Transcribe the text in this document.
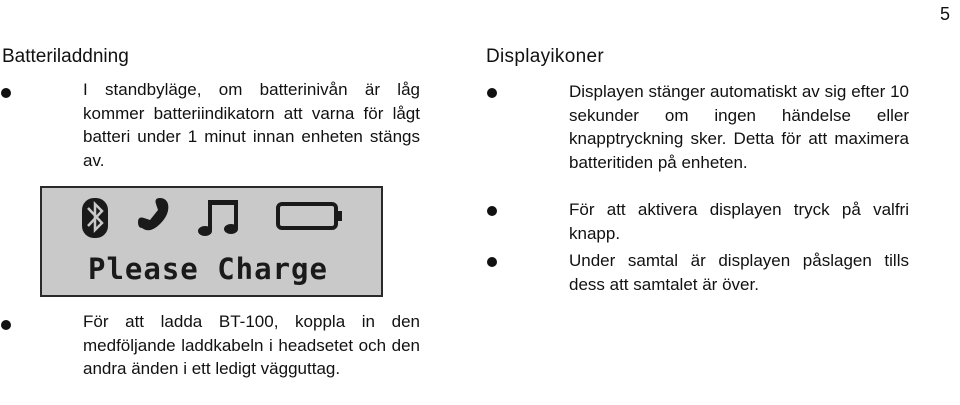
5
Batteriladdning
I standbyläge, om batterinivån är låg kommer batteriindikatorn att varna för lågt batteri under 1 minut innan enheten stängs av.
Please Charge
För att ladda BT-100, koppla in den medföljande laddkabeln i headsetet och den andra änden i ett ledigt vägguttag.
Displayikoner
Displayen stänger automatiskt av sig efter 10 sekunder om ingen händelse eller knapptryckning sker. Detta för att maximera batteritiden på enheten.
För att aktivera displayen tryck på valfri knapp.
Under samtal är displayen påslagen tills dess att samtalet är över.
